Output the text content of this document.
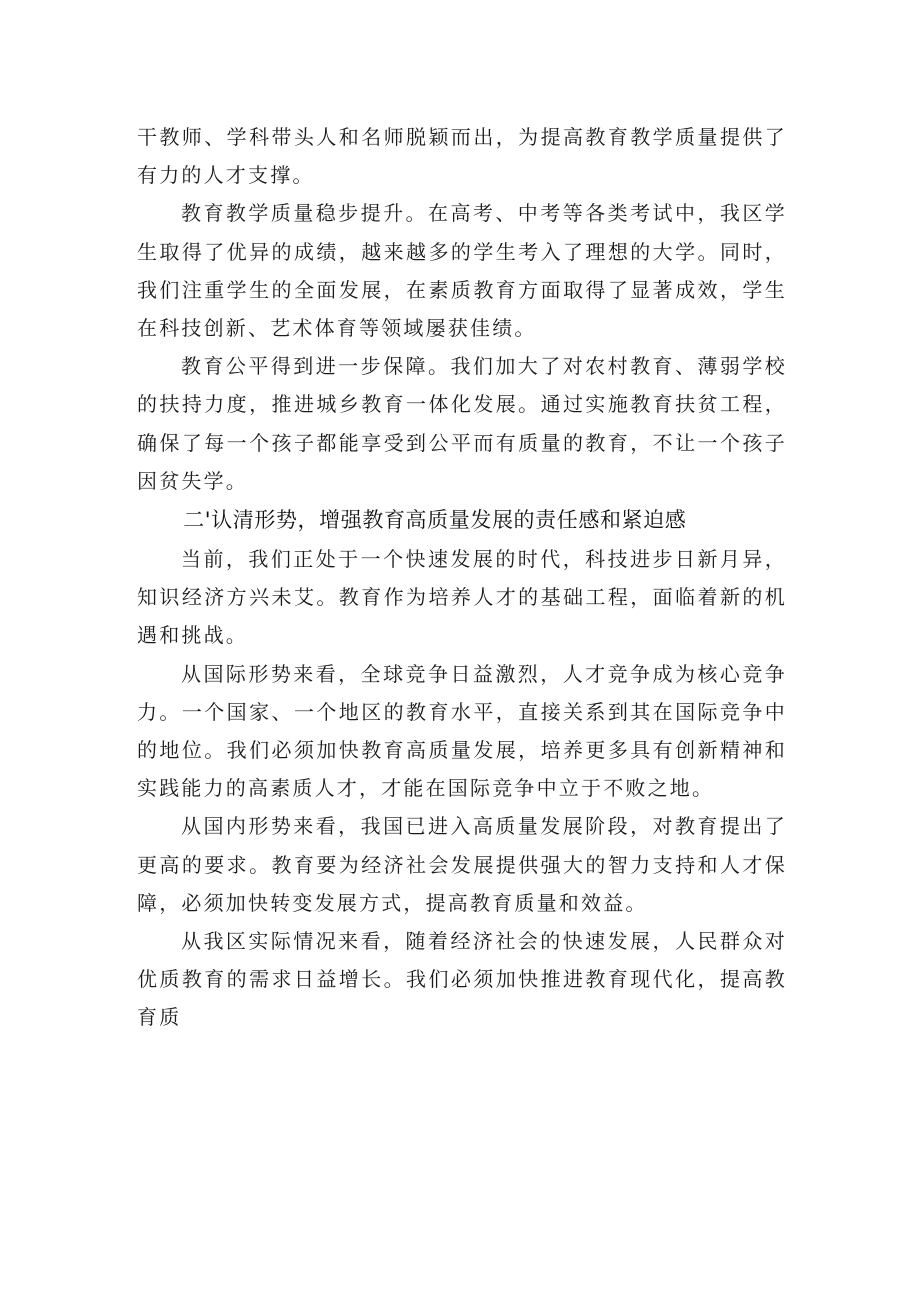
干教师、学科带头人和名师脱颖而出，为提高教育教学质量提供了有力的人才支撑。

教育教学质量稳步提升。在高考、中考等各类考试中，我区学生取得了优异的成绩，越来越多的学生考入了理想的大学。同时，我们注重学生的全面发展，在素质教育方面取得了显著成效，学生在科技创新、艺术体育等领域屡获佳绩。

教育公平得到进一步保障。我们加大了对农村教育、薄弱学校的扶持力度，推进城乡教育一体化发展。通过实施教育扶贫工程，确保了每一个孩子都能享受到公平而有质量的教育，不让一个孩子因贫失学。

二'认清形势，增强教育高质量发展的责任感和紧迫感

当前，我们正处于一个快速发展的时代，科技进步日新月异，知识经济方兴未艾。教育作为培养人才的基础工程，面临着新的机遇和挑战。

从国际形势来看，全球竞争日益激烈，人才竞争成为核心竞争力。一个国家、一个地区的教育水平，直接关系到其在国际竞争中的地位。我们必须加快教育高质量发展，培养更多具有创新精神和实践能力的高素质人才，才能在国际竞争中立于不败之地。

从国内形势来看，我国已进入高质量发展阶段，对教育提出了更高的要求。教育要为经济社会发展提供强大的智力支持和人才保障，必须加快转变发展方式，提高教育质量和效益。

从我区实际情况来看，随着经济社会的快速发展，人民群众对优质教育的需求日益增长。我们必须加快推进教育现代化，提高教育质
